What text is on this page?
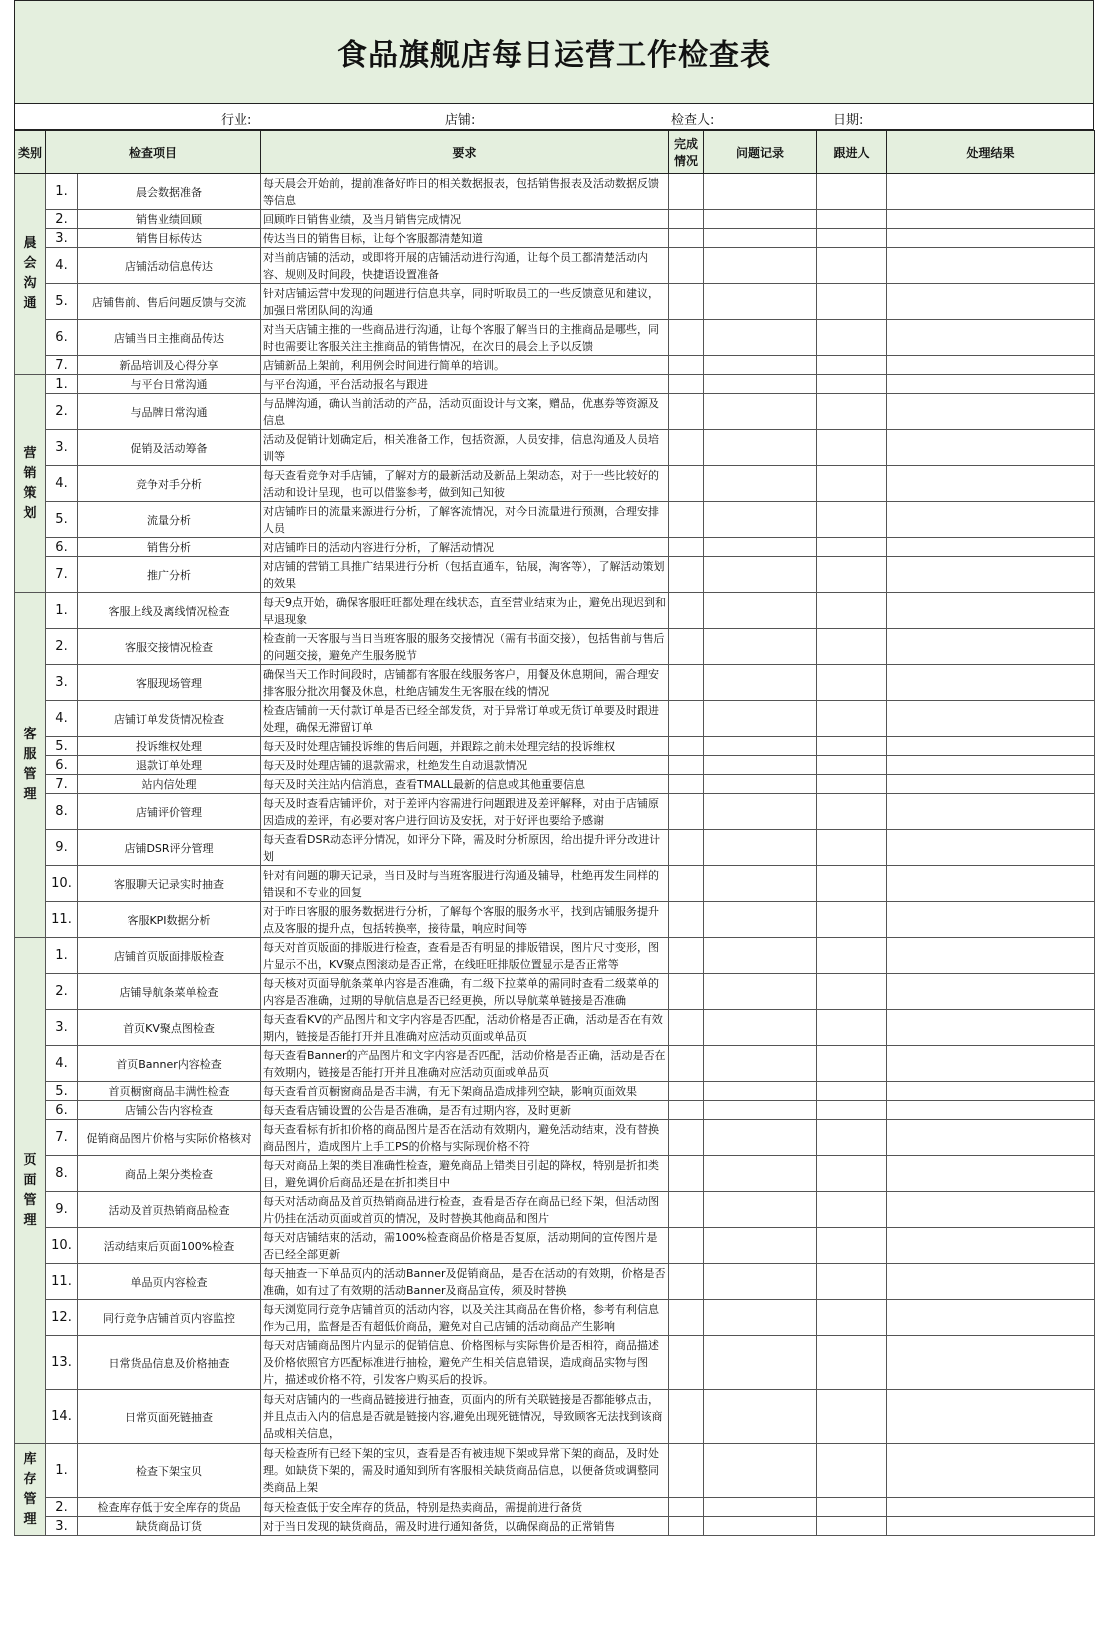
食品旗舰店每日运营工作检查表
行业:	店铺:	检查人:	日期:
类别	检查项目		要求	完成情况	问题记录	跟进人	处理结果

晨会沟通	1.	晨会数据准备	每天晨会开始前，提前准备好昨日的相关数据报表，包括销售报表及活动数据反馈等信息				
	2.	销售业绩回顾	回顾昨日销售业绩，及当月销售完成情况				
	3.	销售目标传达	传达当日的销售目标，让每个客服都清楚知道				
	4.	店铺活动信息传达	对当前店铺的活动，或即将开展的店铺活动进行沟通，让每个员工都清楚活动内容、规则及时间段，快捷语设置准备				
	5.	店铺售前、售后问题反馈与交流	针对店铺运营中发现的问题进行信息共享，同时听取员工的一些反馈意见和建议，加强日常团队间的沟通				
	6.	店铺当日主推商品传达	对当天店铺主推的一些商品进行沟通，让每个客服了解当日的主推商品是哪些，同时也需要让客服关注主推商品的销售情况，在次日的晨会上予以反馈				
	7.	新品培训及心得分享	店铺新品上架前，利用例会时间进行简单的培训。				

营销策划	1.	与平台日常沟通	与平台沟通，平台活动报名与跟进				
	2.	与品牌日常沟通	与品牌沟通，确认当前活动的产品，活动页面设计与文案，赠品，优惠券等资源及信息				
	3.	促销及活动筹备	活动及促销计划确定后，相关准备工作，包括资源，人员安排，信息沟通及人员培训等				
	4.	竞争对手分析	每天查看竞争对手店铺，了解对方的最新活动及新品上架动态，对于一些比较好的活动和设计呈现，也可以借鉴参考，做到知己知彼				
	5.	流量分析	对店铺昨日的流量来源进行分析，了解客流情况，对今日流量进行预测，合理安排人员				
	6.	销售分析	对店铺昨日的活动内容进行分析，了解活动情况				
	7.	推广分析	对店铺的营销工具推广结果进行分析（包括直通车，钻展，淘客等），了解活动策划的效果				

客服管理	1.	客服上线及离线情况检查	每天9点开始，确保客服旺旺都处理在线状态，直至营业结束为止，避免出现迟到和早退现象				
	2.	客服交接情况检查	检查前一天客服与当日当班客服的服务交接情况（需有书面交接），包括售前与售后的问题交接，避免产生服务脱节				
	3.	客服现场管理	确保当天工作时间段时，店铺都有客服在线服务客户，用餐及休息期间，需合理安排客服分批次用餐及休息，杜绝店铺发生无客服在线的情况				
	4.	店铺订单发货情况检查	检查店铺前一天付款订单是否已经全部发货，对于异常订单或无货订单要及时跟进处理，确保无滞留订单				
	5.	投诉维权处理	每天及时处理店铺投诉维的售后问题，并跟踪之前未处理完结的投诉维权				
	6.	退款订单处理	每天及时处理店铺的退款需求，杜绝发生自动退款情况				
	7.	站内信处理	每天及时关注站内信消息，查看TMALL最新的信息或其他重要信息				
	8.	店铺评价管理	每天及时查看店铺评价，对于差评内容需进行问题跟进及差评解释，对由于店铺原因造成的差评，有必要对客户进行回访及安抚，对于好评也要给予感谢				
	9.	店铺DSR评分管理	每天查看DSR动态评分情况，如评分下降，需及时分析原因，给出提升评分改进计划				
	10.	客服聊天记录实时抽查	针对有问题的聊天记录，当日及时与当班客服进行沟通及辅导，杜绝再发生同样的错误和不专业的回复				
	11.	客服KPI数据分析	对于昨日客服的服务数据进行分析，了解每个客服的服务水平，找到店铺服务提升点及客服的提升点，包括转换率，接待量，响应时间等				

页面管理	1.	店铺首页版面排版检查	每天对首页版面的排版进行检查，查看是否有明显的排版错误，图片尺寸变形，图片显示不出，KV聚点图滚动是否正常，在线旺旺排版位置显示是否正常等				
	2.	店铺导航条菜单检查	每天核对页面导航条菜单内容是否准确，有二级下拉菜单的需同时查看二级菜单的内容是否准确，过期的导航信息是否已经更换，所以导航菜单链接是否准确				
	3.	首页KV聚点图检查	每天查看KV的产品图片和文字内容是否匹配，活动价格是否正确，活动是否在有效期内，链接是否能打开并且准确对应活动页面或单品页				
	4.	首页Banner内容检查	每天查看Banner的产品图片和文字内容是否匹配，活动价格是否正确，活动是否在有效期内，链接是否能打开并且准确对应活动页面或单品页				
	5.	首页橱窗商品丰满性检查	每天查看首页橱窗商品是否丰满，有无下架商品造成排列空缺，影响页面效果				
	6.	店铺公告内容检查	每天查看店铺设置的公告是否准确，是否有过期内容，及时更新				
	7.	促销商品图片价格与实际价格核对	每天查看标有折扣价格的商品图片是否在活动有效期内，避免活动结束，没有替换商品图片，造成图片上手工PS的价格与实际现价格不符				
	8.	商品上架分类检查	每天对商品上架的类目准确性检查，避免商品上错类目引起的降权，特别是折扣类目，避免调价后商品还是在折扣类目中				
	9.	活动及首页热销商品检查	每天对活动商品及首页热销商品进行检查，查看是否存在商品已经下架，但活动图片仍挂在活动页面或首页的情况，及时替换其他商品和图片				
	10.	活动结束后页面100%检查	每天对店铺结束的活动，需100%检查商品价格是否复原，活动期间的宣传图片是否已经全部更新				
	11.	单品页内容检查	每天抽查一下单品页内的活动Banner及促销商品，是否在活动的有效期，价格是否准确，如有过了有效期的活动Banner及商品宣传，须及时替换				
	12.	同行竞争店铺首页内容监控	每天浏览同行竞争店铺首页的活动内容，以及关注其商品在售价格，参考有利信息作为己用，监督是否有超低价商品，避免对自己店铺的活动商品产生影响				
	13.	日常货品信息及价格抽查	每天对店铺商品图片内显示的促销信息、价格图标与实际售价是否相符，商品描述及价格依照官方匹配标准进行抽检，避免产生相关信息错误，造成商品实物与图片，描述或价格不符，引发客户购买后的投诉。				
	14.	日常页面死链抽查	每天对店铺内的一些商品链接进行抽查，页面内的所有关联链接是否都能够点击，并且点击入内的信息是否就是链接内容,避免出现死链情况，导致顾客无法找到该商品或相关信息，				

库存管理	1.	检查下架宝贝	每天检查所有已经下架的宝贝，查看是否有被违规下架或异常下架的商品，及时处理。如缺货下架的，需及时通知到所有客服相关缺货商品信息，以便备货或调整同类商品上架				
	2.	检查库存低于安全库存的货品	每天检查低于安全库存的货品，特别是热卖商品，需提前进行备货				
	3.	缺货商品订货	对于当日发现的缺货商品，需及时进行通知备货，以确保商品的正常销售				
